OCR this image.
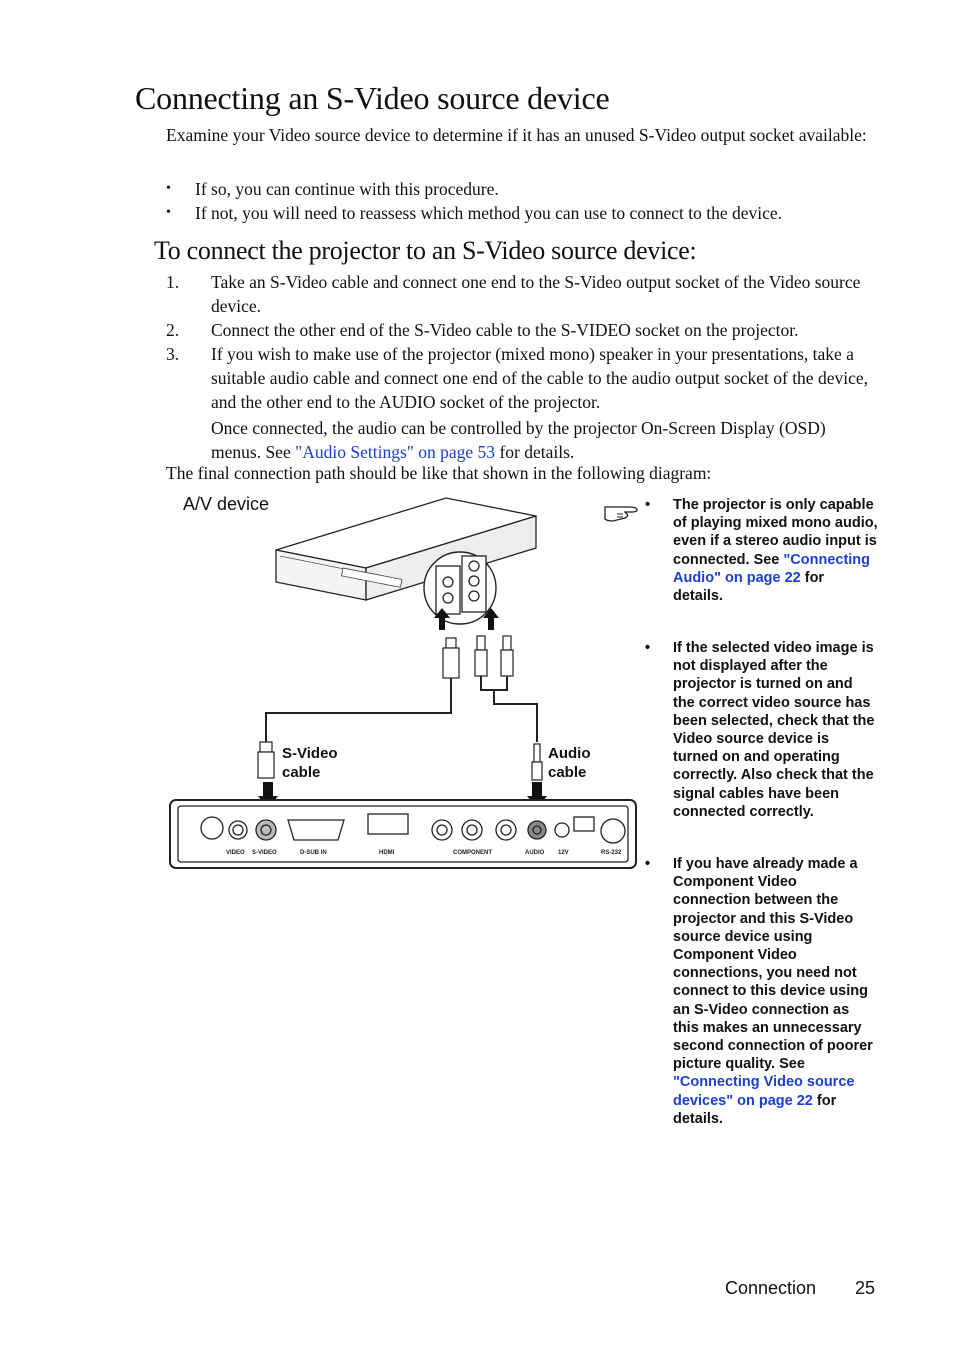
Connecting an S-Video source device

Examine your Video source device to determine if it has an unused S-Video output socket available:

• If so, you can continue with this procedure.
• If not, you will need to reassess which method you can use to connect to the device.
To connect the projector to an S-Video source device:
1. Take an S-Video cable and connect one end to the S-Video output socket of the Video source device.
2. Connect the other end of the S-Video cable to the S-VIDEO socket on the projector.
3. If you wish to make use of the projector (mixed mono) speaker in your presentations, take a suitable audio cable and connect one end of the cable to the audio output socket of the device, and the other end to the AUDIO socket of the projector.
Once connected, the audio can be controlled by the projector On-Screen Display (OSD) menus. See "Audio Settings" on page 53 for details.
The final connection path should be like that shown in the following diagram:
A/V device
VIDEO S-VIDEO	D-SUB IN	HDMI	COMPONENT	AUDIO 12V	RS-232
S-Video
cable
Audio
cable
• The projector is only capable of playing mixed mono audio, even if a stereo audio input is connected. See "Connecting Audio" on page 22 for details.
• If the selected video image is not displayed after the projector is turned on and the correct video source has been selected, check that the Video source device is turned on and operating correctly. Also check that the signal cables have been connected correctly.
• If you have already made a Component Video connection between the projector and this S-Video source device using Component Video connections, you need not connect to this device using an S-Video connection as this makes an unnecessary second connection of poorer picture quality. See "Connecting Video source devices" on page 22 for details.
Connection 25
